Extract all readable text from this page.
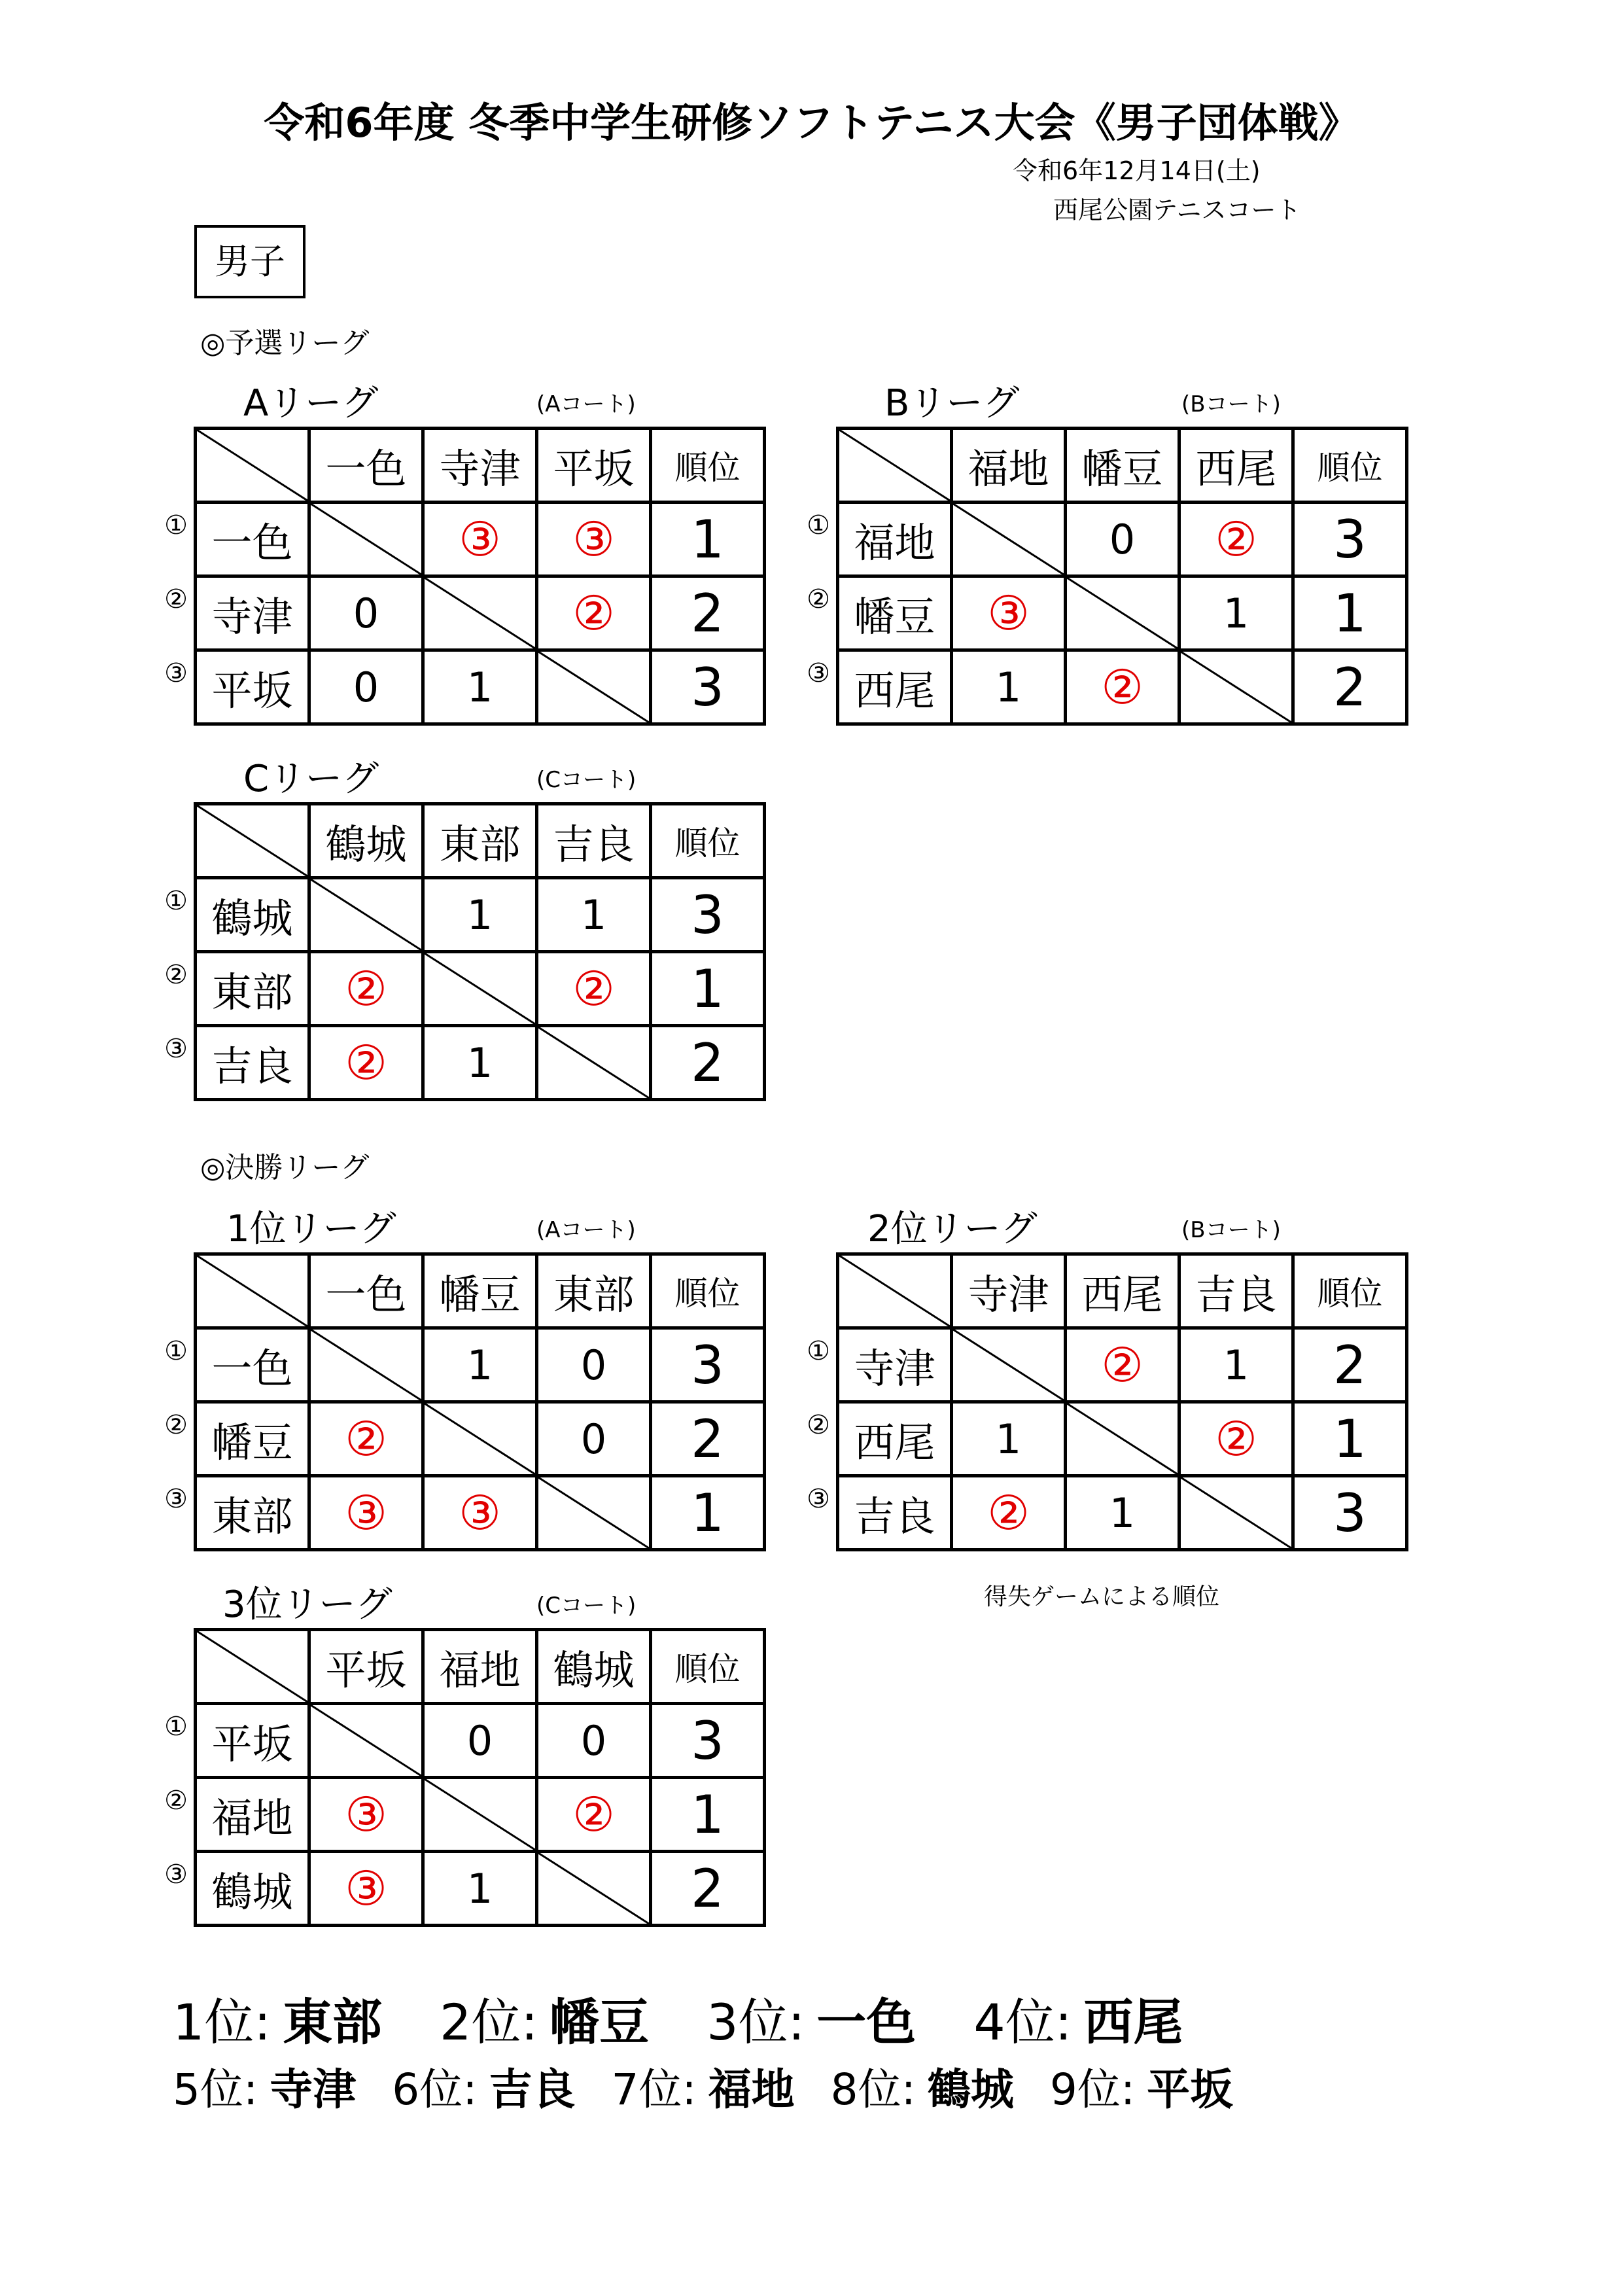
令和6年度 冬季中学生研修ソフトテニス大会《男子団体戦》
令和6年12月14日(土)
西尾公園テニスコート
男子
◎予選リーグ
Aリーグ	(Aコート)
	一色	寺津	平坂	順位

① 一色		③	③	1

② 寺津	0		②	2

③ 平坂	0	1		3
Bリーグ	(Bコート)
	福地	幡豆	西尾	順位

① 福地		0	②	3

② 幡豆	③		1	1

③ 西尾	1	②		2
Cリーグ	(Cコート)
	鶴城	東部	吉良	順位

① 鶴城		1	1	3

② 東部	②		②	1

③ 吉良	②	1		2
◎決勝リーグ
1位リーグ	(Aコート)
	一色	幡豆	東部	順位

① 一色		1	0	3

② 幡豆	②		0	2

③ 東部	③	③		1
2位リーグ	(Bコート)
	寺津	西尾	吉良	順位

① 寺津		②	1	2

② 西尾	1		②	1

③ 吉良	②	1		3
得失ゲームによる順位
3位リーグ	(Cコート)
	平坂	福地	鶴城	順位

① 平坂		0	0	3

② 福地	③		②	1

③ 鶴城	③	1		2
1位: 東部 2位: 幡豆 3位: 一色 4位: 西尾
5位: 寺津 6位: 吉良 7位: 福地 8位: 鶴城 9位: 平坂
